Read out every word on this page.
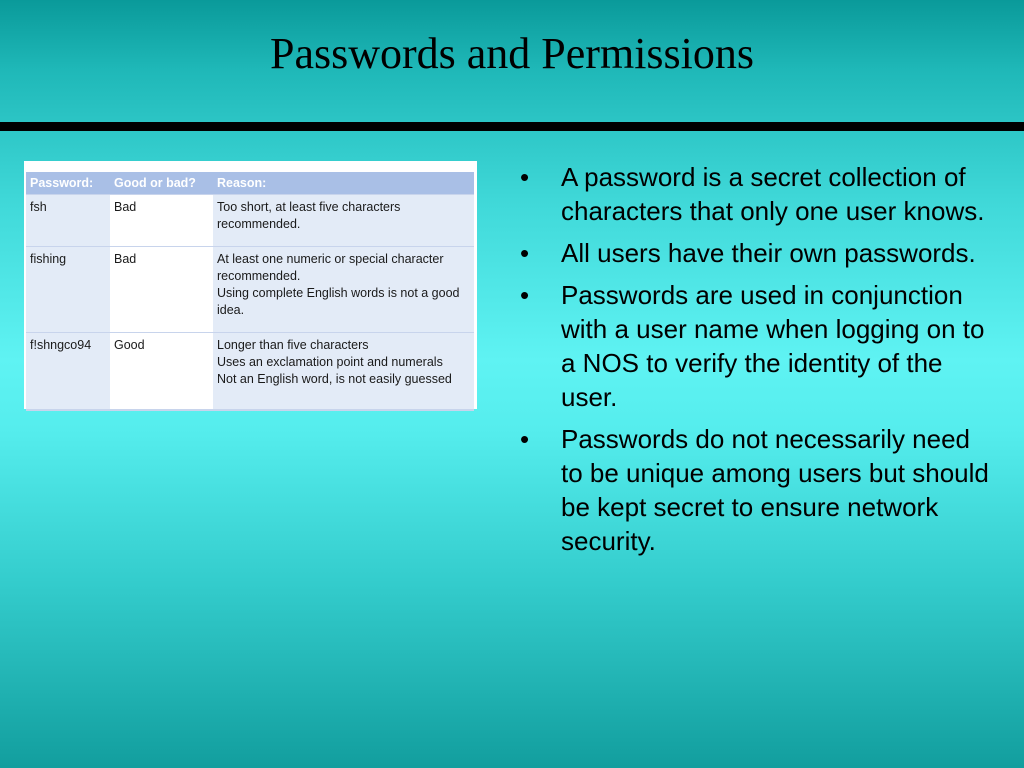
Passwords and Permissions
Password:	Good or bad?	Reason:
fsh	Bad	Too short, at least five characters recommended.

fishing	Bad	At least one numeric or special character recommended.
Using complete English words is not a good idea.

f!shngco94	Good	Longer than five characters
Uses an exclamation point and numerals
Not an English word, is not easily guessed
• A password is a secret collection of characters that only one user knows.
• All users have their own passwords.
• Passwords are used in conjunction with a user name when logging on to a NOS to verify the identity of the user.
• Passwords do not necessarily need to be unique among users but should be kept secret to ensure network security.
